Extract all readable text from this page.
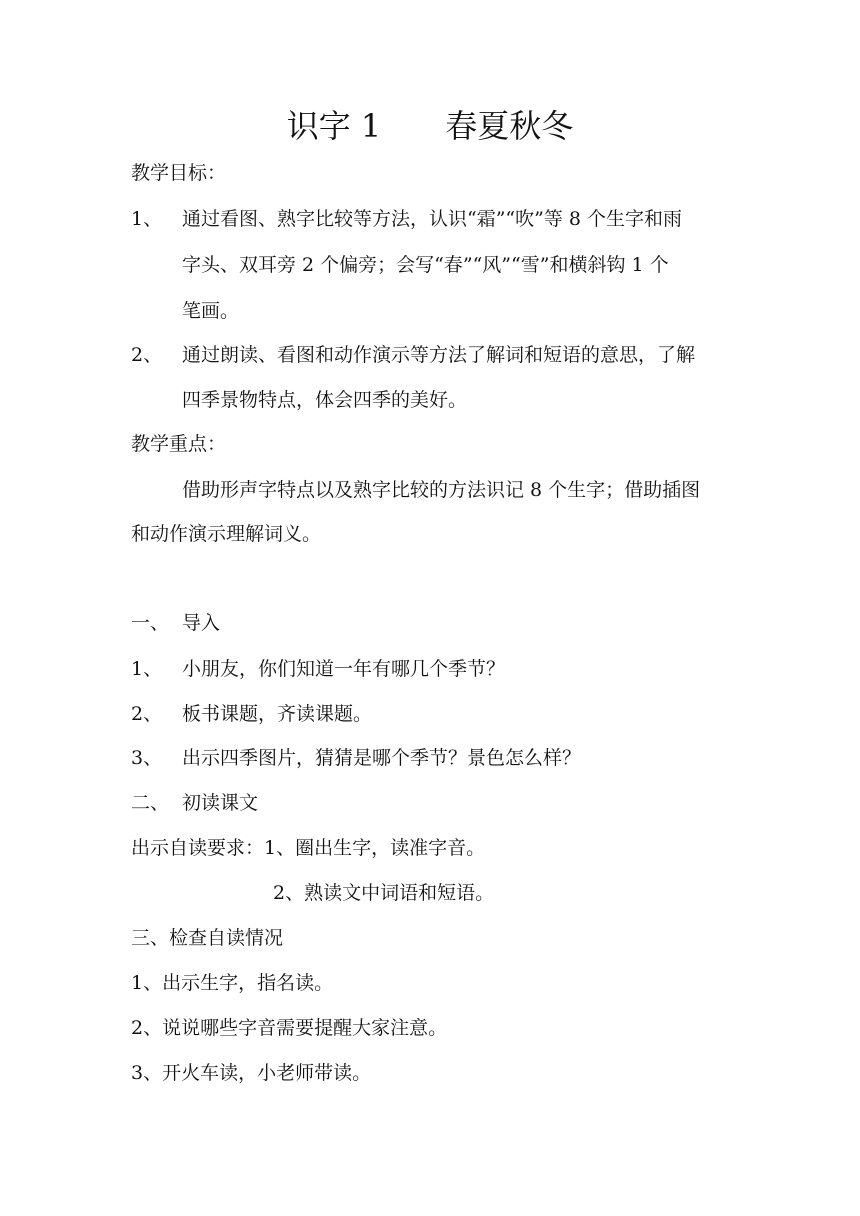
识字 1　　春夏秋冬
教学目标：
1、 通过看图、熟字比较等方法，认识“霜”“吹”等 8 个生字和雨
字头、双耳旁 2 个偏旁；会写“春”“风”“雪”和横斜钩 1 个
笔画。
2、 通过朗读、看图和动作演示等方法了解词和短语的意思，了解
四季景物特点，体会四季的美好。
教学重点：
借助形声字特点以及熟字比较的方法识记 8 个生字；借助插图
和动作演示理解词义。
一、 导入
1、 小朋友，你们知道一年有哪几个季节？
2、 板书课题，齐读课题。
3、 出示四季图片，猜猜是哪个季节？景色怎么样？
二、 初读课文
出示自读要求：1、圈出生字，读准字音。
2、熟读文中词语和短语。
三、检查自读情况
1、出示生字，指名读。
2、说说哪些字音需要提醒大家注意。
3、开火车读，小老师带读。
